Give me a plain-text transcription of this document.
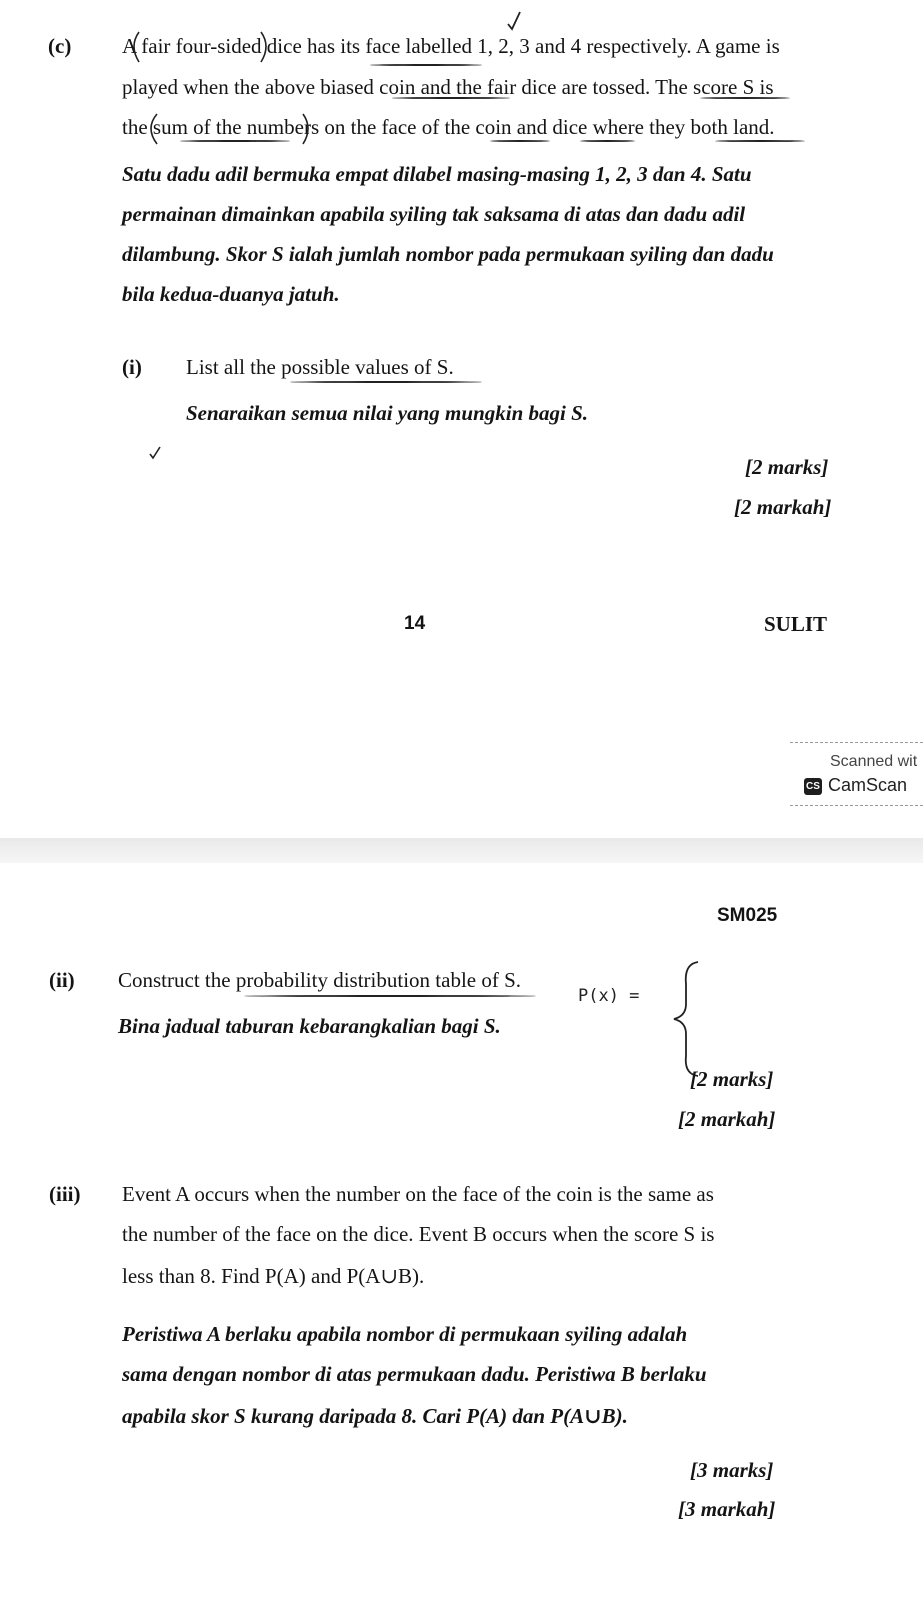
(c) A fair four-sided dice has its face labelled 1, 2, 3 and 4 respectively. A game is
played when the above biased coin and the fair dice are tossed. The score S is
the sum of the numbers on the face of the coin and dice where they both land.
Satu dadu adil bermuka empat dilabel masing-masing 1, 2, 3 dan 4. Satu
permainan dimainkan apabila syiling tak saksama di atas dan dadu adil
dilambung. Skor S ialah jumlah nombor pada permukaan syiling dan dadu
bila kedua-duanya jatuh.
(i) List all the possible values of S.
Senaraikan semua nilai yang mungkin bagi S.
[2 marks]
[2 markah]
14	SULIT
Scanned wit
CS CamScan
SM025
(ii) Construct the probability distribution table of S.
Bina jadual taburan kebarangkalian bagi S.
P(x) =
[2 marks]
[2 markah]
(iii) Event A occurs when the number on the face of the coin is the same as
the number of the face on the dice. Event B occurs when the score S is
less than 8. Find P(A) and P(A∪B).
Peristiwa A berlaku apabila nombor di permukaan syiling adalah
sama dengan nombor di atas permukaan dadu. Peristiwa B berlaku
apabila skor S kurang daripada 8. Cari P(A) dan P(A∪B).
[3 marks]
[3 markah]
